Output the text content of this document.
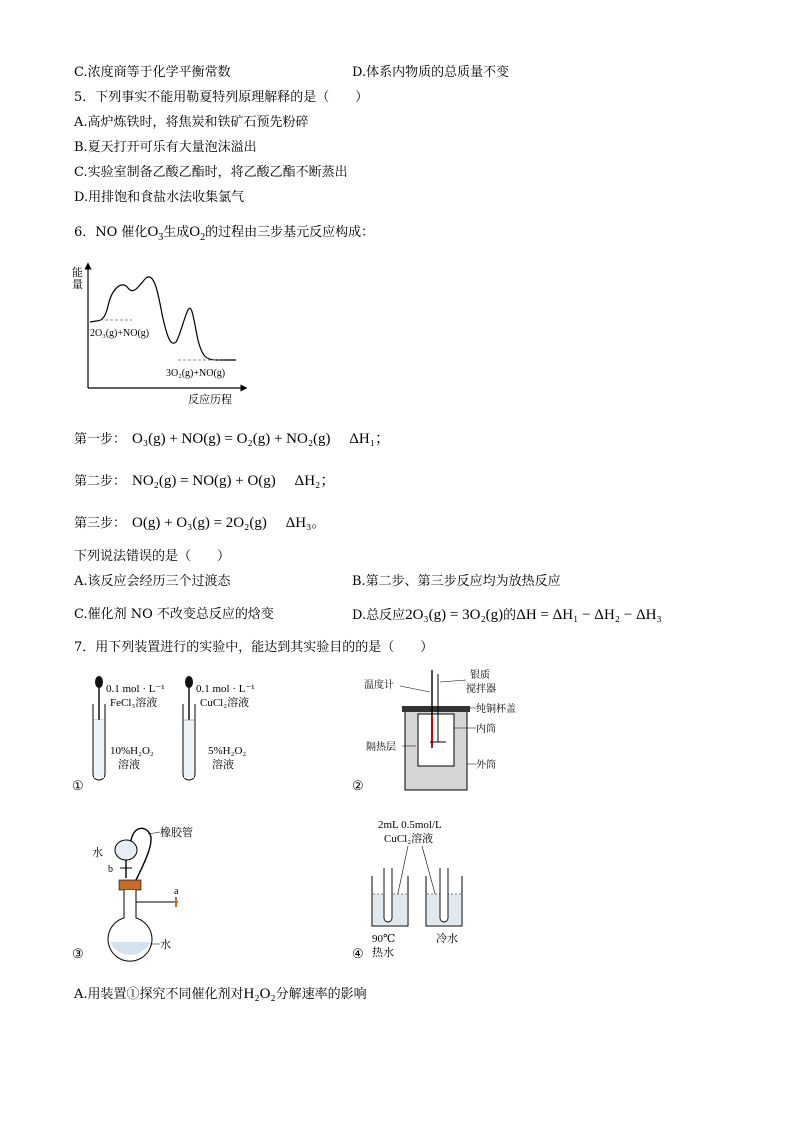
C.浓度商等于化学平衡常数	D.体系内物质的总质量不变
5．下列事实不能用勒夏特列原理解释的是（　　）
A.高炉炼铁时，将焦炭和铁矿石预先粉碎
B.夏天打开可乐有大量泡沫溢出
C.实验室制备乙酸乙酯时，将乙酸乙酯不断蒸出
D.用排饱和食盐水法收集氯气
6．NO 催化$O_3$生成$O_2$的过程由三步基元反应构成：
能
量
反应历程
2O₃(g)+NO(g)
3O₂(g)+NO(g)
第一步： O₃(g) + NO(g) = O₂(g) + NO₂(g)　 ΔH₁；
第二步： NO₂(g) = NO(g) + O(g)　 ΔH₂；
第三步： O(g) + O₃(g) = 2O₂(g)　 ΔH₃。
下列说法错误的是（　　）
A.该反应会经历三个过渡态	B.第二步、第三步反应均为放热反应
C.催化剂 NO 不改变总反应的焓变	D.总反应2O₃(g) = 3O₂(g)的ΔH = ΔH₁ − ΔH₂ − ΔH₃
7．用下列装置进行的实验中，能达到其实验目的的是（　　）
0.1 mol · L⁻¹
FeCl₃溶液
10%H₂O₂
溶液
0.1 mol · L⁻¹
CuCl₂溶液
5%H₂O₂
溶液
①
温度计
银质
搅拌器
纯铜杯盖
内筒
隔热层
外筒
②
橡胶管
水
b
a
水
③
2mL 0.5mol/L
CuCl₂溶液
90℃
热水
冷水
④
A.用装置①探究不同催化剂对H₂O₂分解速率的影响
